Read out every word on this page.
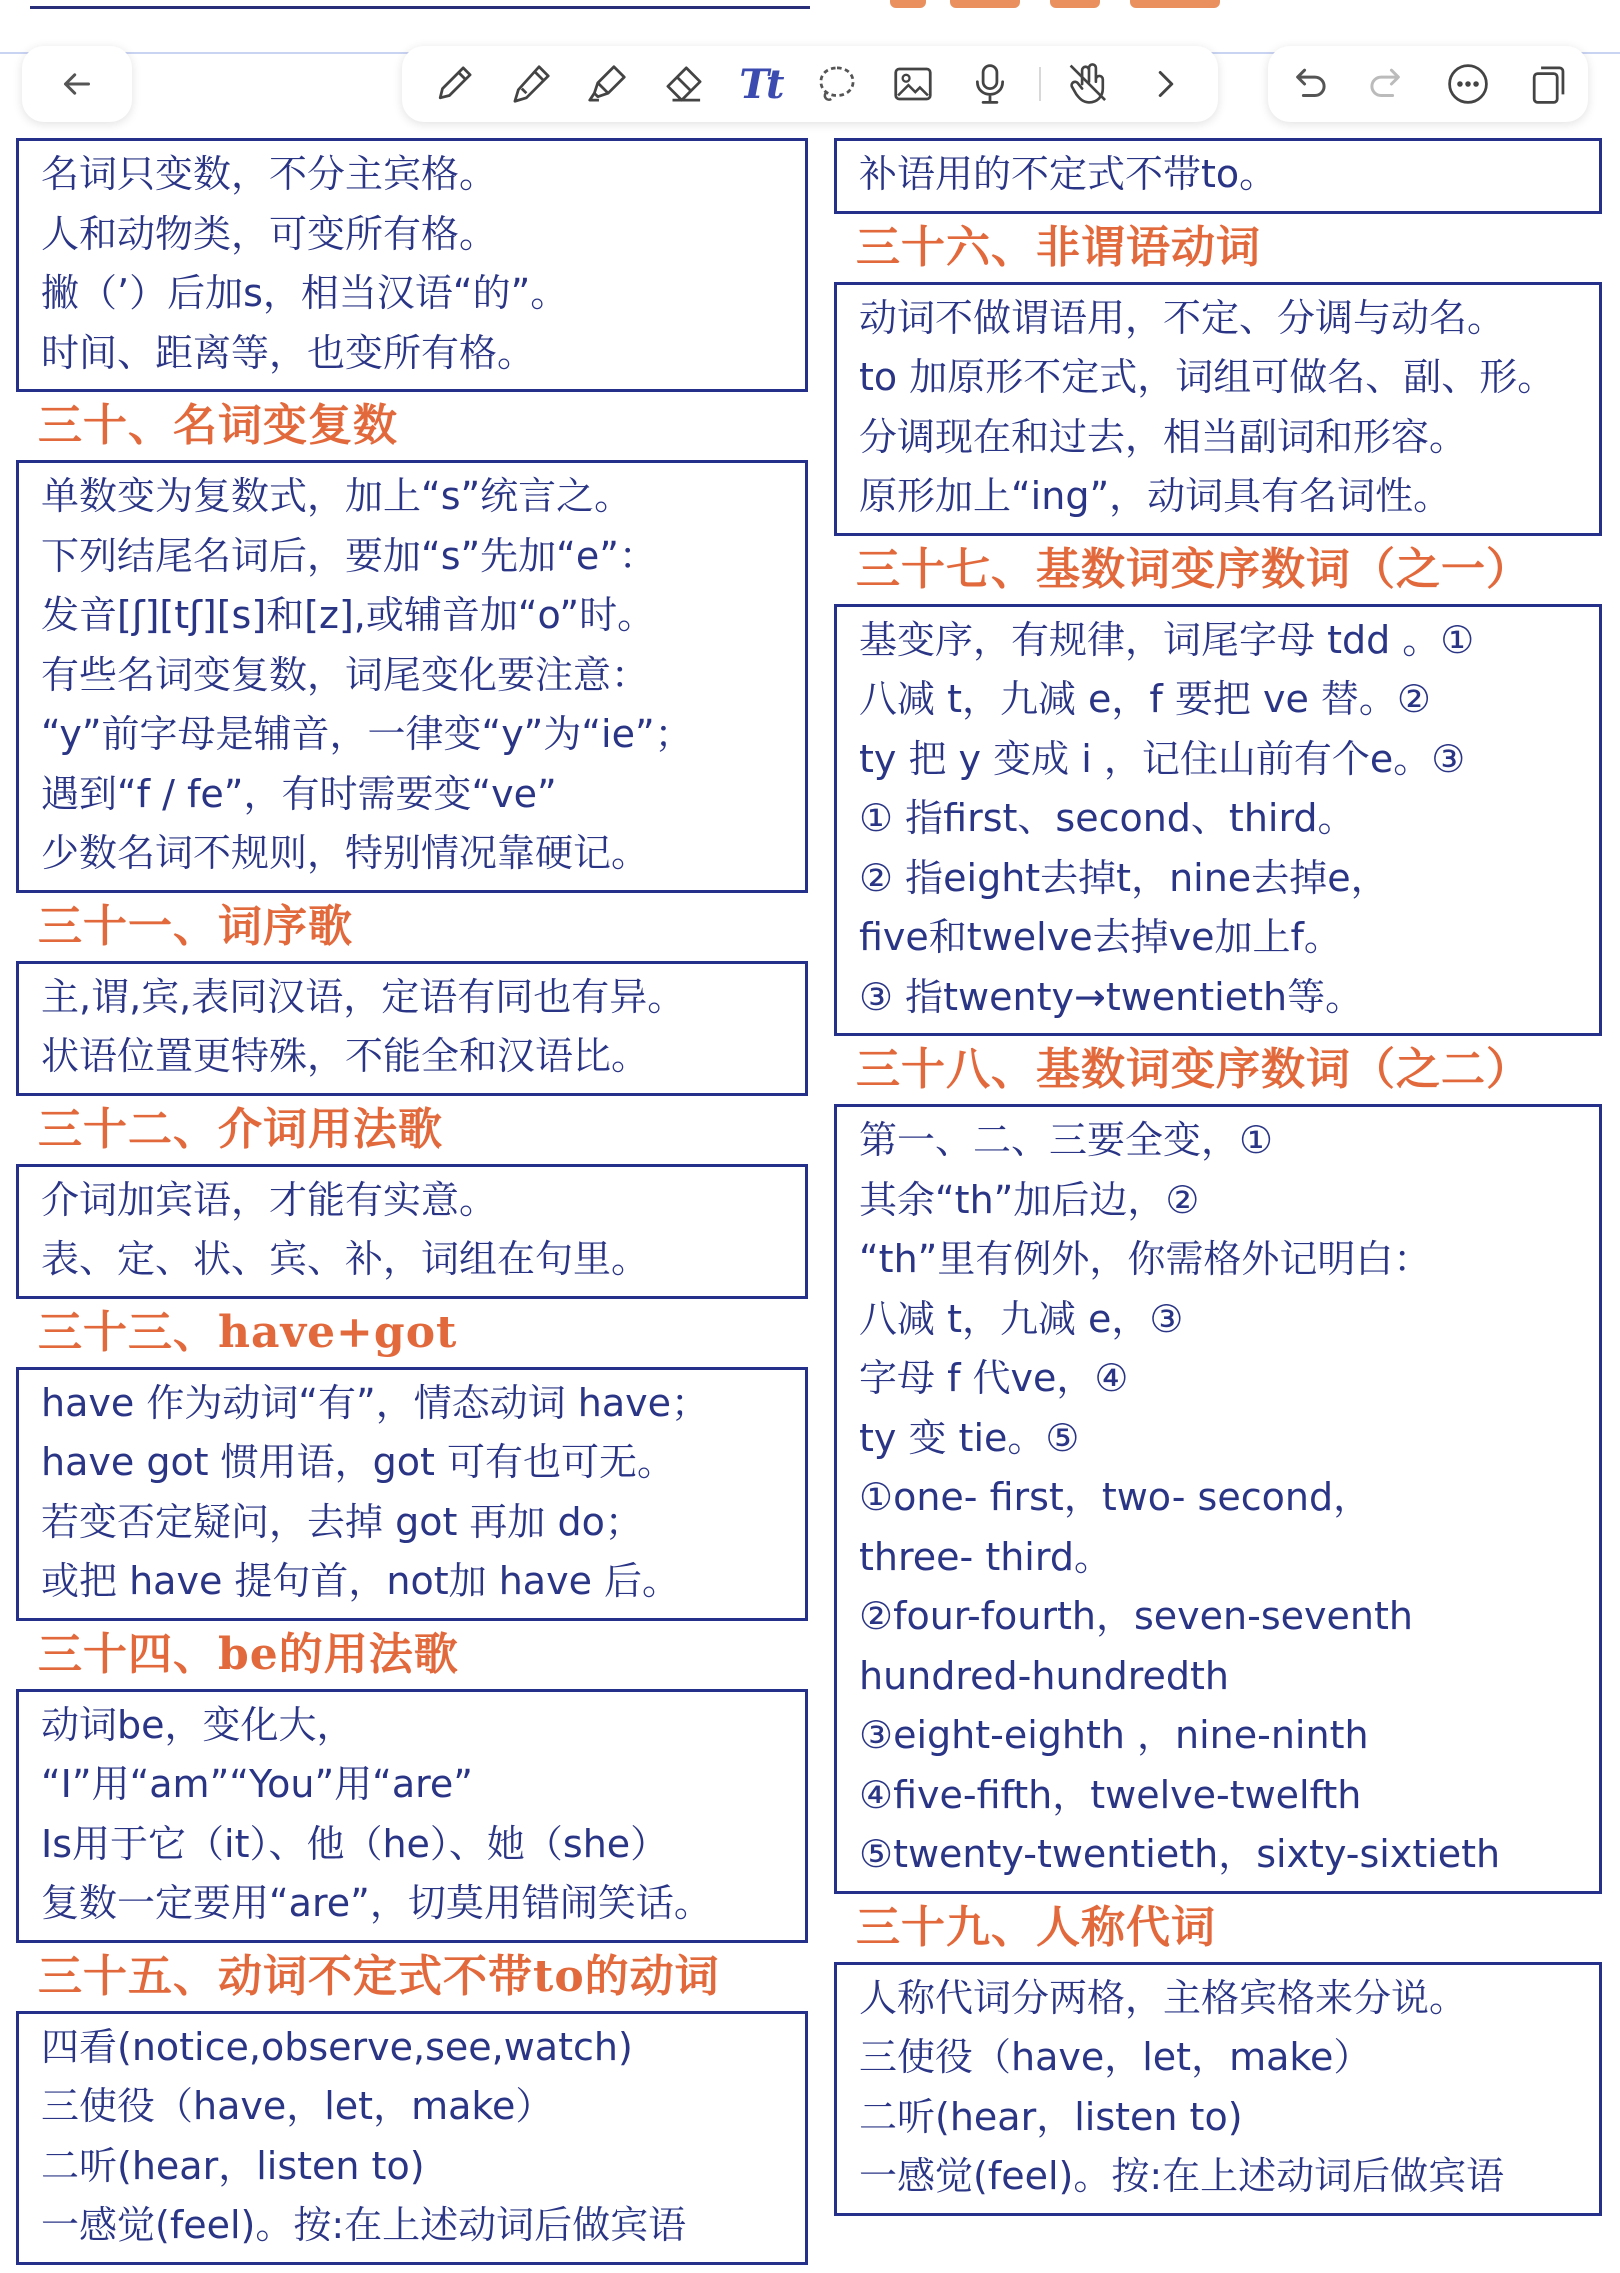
Tt
名词只变数，不分主宾格。
人和动物类，可变所有格。
撇（’）后加s，相当汉语“的”。
时间、距离等，也变所有格。
三十、名词变复数
单数变为复数式，加上“s”统言之。
下列结尾名词后，要加“s”先加“e”：
发音[ʃ][tʃ][s]和[z],或辅音加“o”时。
有些名词变复数，词尾变化要注意：
“y”前字母是辅音，一律变“y”为“ie”；
遇到“f / fe”，有时需要变“ve”
少数名词不规则，特别情况靠硬记。
三十一、词序歌
主,谓,宾,表同汉语，定语有同也有异。
状语位置更特殊，不能全和汉语比。
三十二、介词用法歌
介词加宾语，才能有实意。
表、定、状、宾、补，词组在句里。
三十三、have+got
have 作为动词“有”，情态动词 have；
have got 惯用语，got 可有也可无。
若变否定疑问，去掉 got 再加 do；
或把 have 提句首，not加 have 后。
三十四、be的用法歌
动词be，变化大，
“I”用“am”“You”用“are”
Is用于它（it）、他（he）、她（she）
复数一定要用“are”，切莫用错闹笑话。
三十五、动词不定式不带to的动词
四看(notice,observe,see,watch)
三使役（have，let，make）
二听(hear，listen to)
一感觉(feel)。按:在上述动词后做宾语
补语用的不定式不带to。
三十六、非谓语动词
动词不做谓语用，不定、分调与动名。
to 加原形不定式，词组可做名、副、形。
分调现在和过去，相当副词和形容。
原形加上“ing”，动词具有名词性。
三十七、基数词变序数词（之一）
基变序，有规律，词尾字母 tdd 。①
八减 t，九减 e，f 要把 ve 替。②
ty 把 y 变成 i ，记住山前有个e。③
① 指first、second、third。
② 指eight去掉t，nine去掉e，
five和twelve去掉ve加上f。
③ 指twenty→twentieth等。
三十八、基数词变序数词（之二）
第一、二、三要全变，①
其余“th”加后边，②
“th”里有例外，你需格外记明白：
八减 t，九减 e，③
字母 f 代ve，④
ty 变 tie。⑤
①one- first，two- second，
three- third。
②four-fourth，seven-seventh
hundred-hundredth
③eight-eighth ，nine-ninth
④five-fifth，twelve-twelfth
⑤twenty-twentieth，sixty-sixtieth
三十九、人称代词
人称代词分两格，主格宾格来分说。
三使役（have，let，make）
二听(hear，listen to)
一感觉(feel)。按:在上述动词后做宾语
